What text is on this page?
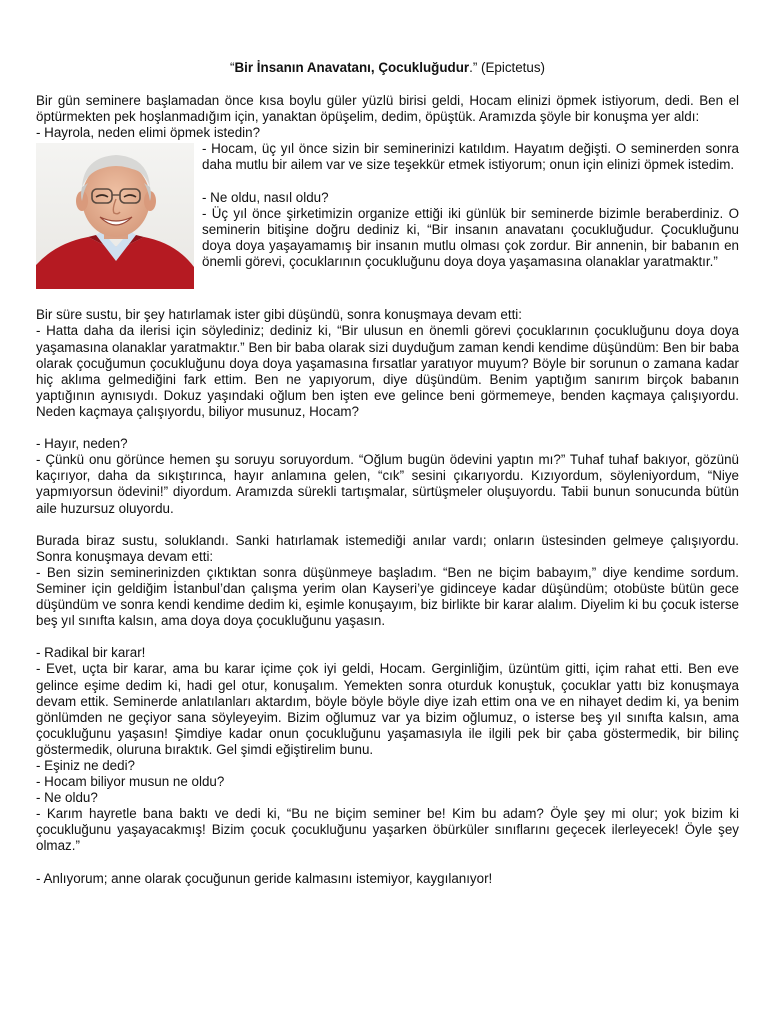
“Bir İnsanın Anavatanı, Çocukluğudur.” (Epictetus)

Bir gün seminere başlamadan önce kısa boylu güler yüzlü birisi geldi, Hocam elinizi öpmek istiyorum, dedi. Ben el öptürmekten pek hoşlanmadığım için, yanaktan öpüşelim, dedim, öpüştük. Aramızda şöyle bir konuşma yer aldı:

- Hayrola, neden elimi öpmek istedin?

- Hocam, üç yıl önce sizin bir seminerinizi katıldım. Hayatım değişti. O seminerden sonra daha mutlu bir ailem var ve size teşekkür etmek istiyorum; onun için elinizi öpmek istedim.

- Ne oldu, nasıl oldu?

- Üç yıl önce şirketimizin organize ettiği iki günlük bir seminerde bizimle beraberdiniz. O seminerin bitişine doğru dediniz ki, “Bir insanın anavatanı çocukluğudur. Çocukluğunu doya doya yaşayamamış bir insanın mutlu olması çok zordur. Bir annenin, bir babanın en önemli görevi, çocuklarının çocukluğunu doya doya yaşamasına olanaklar yaratmaktır.”

Bir süre sustu, bir şey hatırlamak ister gibi düşündü, sonra konuşmaya devam etti:

- Hatta daha da ilerisi için söylediniz; dediniz ki, “Bir ulusun en önemli görevi çocuklarının çocukluğunu doya doya yaşamasına olanaklar yaratmaktır.” Ben bir baba olarak sizi duyduğum zaman kendi kendime düşündüm: Ben bir baba olarak çocuğumun çocukluğunu doya doya yaşamasına fırsatlar yaratıyor muyum? Böyle bir sorunun o zamana kadar hiç aklıma gelmediğini fark ettim. Ben ne yapıyorum, diye düşündüm. Benim yaptığım sanırım birçok babanın yaptığının aynısıydı. Dokuz yaşındaki oğlum ben işten eve gelince beni görmemeye, benden kaçmaya çalışıyordu. Neden kaçmaya çalışıyordu, biliyor musunuz, Hocam?

- Hayır, neden?

- Çünkü onu görünce hemen şu soruyu soruyordum. “Oğlum bugün ödevini yaptın mı?” Tuhaf tuhaf bakıyor, gözünü kaçırıyor, daha da sıkıştırınca, hayır anlamına gelen, “cık” sesini çıkarıyordu. Kızıyordum, söyleniyordum, “Niye yapmıyorsun ödevini!” diyordum. Aramızda sürekli tartışmalar, sürtüşmeler oluşuyordu. Tabii bunun sonucunda bütün aile huzursuz oluyordu.

Burada biraz sustu, soluklandı. Sanki hatırlamak istemediği anılar vardı; onların üstesinden gelmeye çalışıyordu. Sonra konuşmaya devam etti:

- Ben sizin seminerinizden çıktıktan sonra düşünmeye başladım. “Ben ne biçim babayım,” diye kendime sordum. Seminer için geldiğim İstanbul’dan çalışma yerim olan Kayseri’ye gidinceye kadar düşündüm; otobüste bütün gece düşündüm ve sonra kendi kendime dedim ki, eşimle konuşayım, biz birlikte bir karar alalım. Diyelim ki bu çocuk isterse beş yıl sınıfta kalsın, ama doya doya çocukluğunu yaşasın.

- Radikal bir karar!

- Evet, uçta bir karar, ama bu karar içime çok iyi geldi, Hocam. Gerginliğim, üzüntüm gitti, içim rahat etti. Ben eve gelince eşime dedim ki, hadi gel otur, konuşalım. Yemekten sonra oturduk konuştuk, çocuklar yattı biz konuşmaya devam ettik. Seminerde anlatılanları aktardım, böyle böyle böyle diye izah ettim ona ve en nihayet dedim ki, ya benim gönlümden ne geçiyor sana söyleyeyim. Bizim oğlumuz var ya bizim oğlumuz, o isterse beş yıl sınıfta kalsın, ama çocukluğunu yaşasın! Şimdiye kadar onun çocukluğunu yaşamasıyla ile ilgili pek bir çaba göstermedik, bir bilinç göstermedik, oluruna bıraktık. Gel şimdi eğiştirelim bunu.

- Eşiniz ne dedi?

- Hocam biliyor musun ne oldu?

- Ne oldu?

- Karım hayretle bana baktı ve dedi ki, “Bu ne biçim seminer be! Kim bu adam? Öyle şey mi olur; yok bizim ki çocukluğunu yaşayacakmış! Bizim çocuk çocukluğunu yaşarken öbürküler sınıflarını geçecek ilerleyecek! Öyle şey olmaz.”

- Anlıyorum; anne olarak çocuğunun geride kalmasını istemiyor, kaygılanıyor!
